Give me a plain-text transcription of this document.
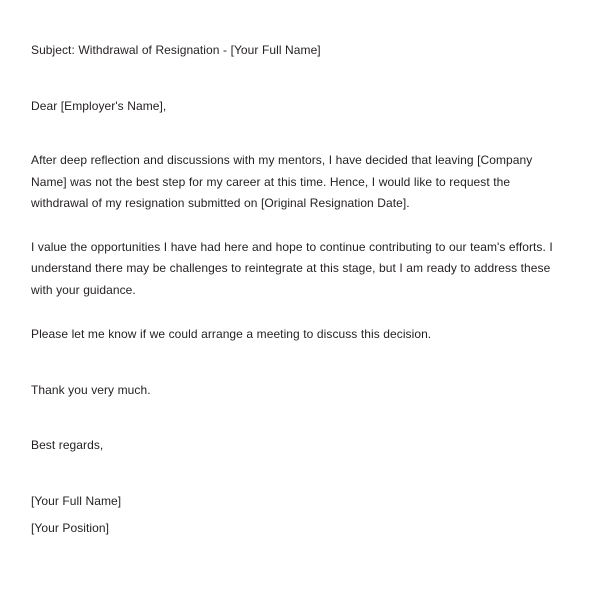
Subject: Withdrawal of Resignation - [Your Full Name]

Dear [Employer's Name],

After deep reflection and discussions with my mentors, I have decided that leaving [Company Name] was not the best step for my career at this time. Hence, I would like to request the withdrawal of my resignation submitted on [Original Resignation Date].

I value the opportunities I have had here and hope to continue contributing to our team's efforts. I understand there may be challenges to reintegrate at this stage, but I am ready to address these with your guidance.

Please let me know if we could arrange a meeting to discuss this decision.

Thank you very much.

Best regards,

[Your Full Name]

[Your Position]
